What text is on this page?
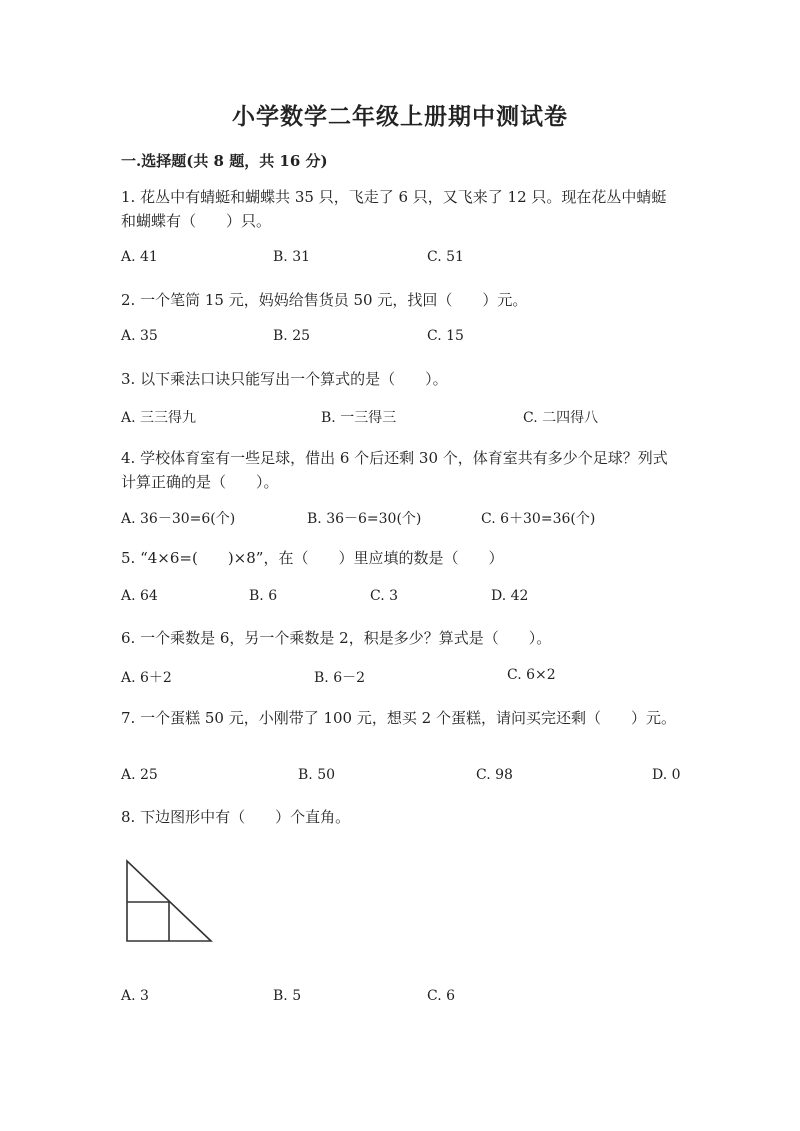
小学数学二年级上册期中测试卷
一.选择题(共 8 题，共 16 分)
1. 花丛中有蜻蜓和蝴蝶共 35 只，飞走了 6 只，又飞来了 12 只。现在花丛中蜻蜓和蝴蝶有（　　）只。
A. 41	B. 31	C. 51
2. 一个笔筒 15 元，妈妈给售货员 50 元，找回（　　）元。
A. 35	B. 25	C. 15
3. 以下乘法口诀只能写出一个算式的是（　　）。
A. 三三得九	B. 一三得三	C. 二四得八
4. 学校体育室有一些足球，借出 6 个后还剩 30 个，体育室共有多少个足球？列式计算正确的是（　　）。
A. 36－30=6(个)	B. 36－6=30(个)	C. 6＋30=36(个)
5. “4×6=(　　)×8”，在（　　）里应填的数是（　　）
A. 64	B. 6	C. 3	D. 42
6. 一个乘数是 6，另一个乘数是 2，积是多少？算式是（　　）。
A. 6＋2	B. 6－2	C. 6×2
7. 一个蛋糕 50 元，小刚带了 100 元，想买 2 个蛋糕，请问买完还剩（　　）元。
A. 25	B. 50	C. 98	D. 0
8. 下边图形中有（　　）个直角。
A. 3	B. 5	C. 6
